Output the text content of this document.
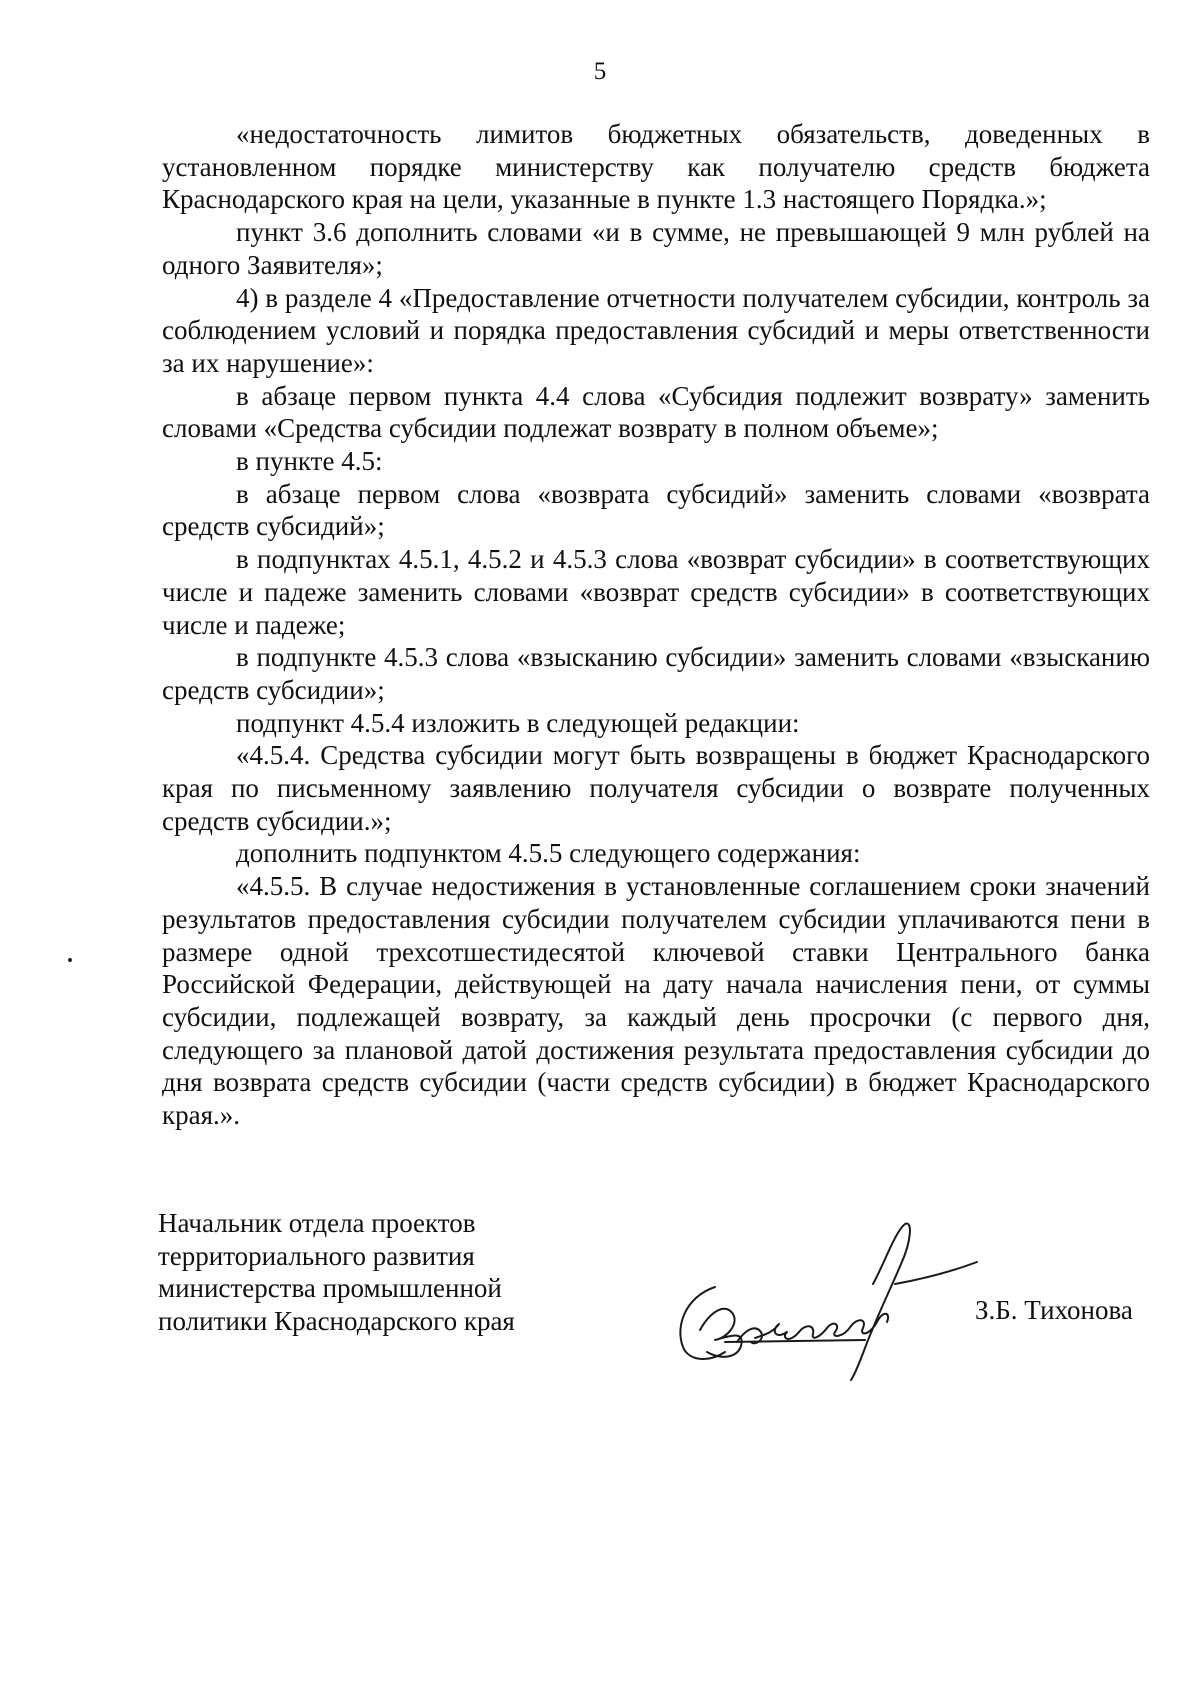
5

«недостаточность лимитов бюджетных обязательств, доведенных в установленном порядке министерству как получателю средств бюджета Краснодарского края на цели, указанные в пункте 1.3 настоящего Порядка.»;

пункт 3.6 дополнить словами «и в сумме, не превышающей 9 млн рублей на одного Заявителя»;

4) в разделе 4 «Предоставление отчетности получателем субсидии, контроль за соблюдением условий и порядка предоставления субсидий и меры ответственности за их нарушение»:

в абзаце первом пункта 4.4 слова «Субсидия подлежит возврату» заменить словами «Средства субсидии подлежат возврату в полном объеме»;

в пункте 4.5:

в абзаце первом слова «возврата субсидий» заменить словами «возврата средств субсидий»;

в подпунктах 4.5.1, 4.5.2 и 4.5.3 слова «возврат субсидии» в соответствующих числе и падеже заменить словами «возврат средств субсидии» в соответствующих числе и падеже;

в подпункте 4.5.3 слова «взысканию субсидии» заменить словами «взысканию средств субсидии»;

подпункт 4.5.4 изложить в следующей редакции:

«4.5.4. Средства субсидии могут быть возвращены в бюджет Краснодарского края по письменному заявлению получателя субсидии о возврате полученных средств субсидии.»;

дополнить подпунктом 4.5.5 следующего содержания:

«4.5.5. В случае недостижения в установленные соглашением сроки значений результатов предоставления субсидии получателем субсидии уплачиваются пени в размере одной трехсотшестидесятой ключевой ставки Центрального банка Российской Федерации, действующей на дату начала начисления пени, от суммы субсидии, подлежащей возврату, за каждый день просрочки (с первого дня, следующего за плановой датой достижения результата предоставления субсидии до дня возврата средств субсидии (части средств субсидии) в бюджет Краснодарского края.».

Начальник отдела проектов
территориального развития
министерства промышленной
политики Краснодарского края	З.Б. Тихонова
